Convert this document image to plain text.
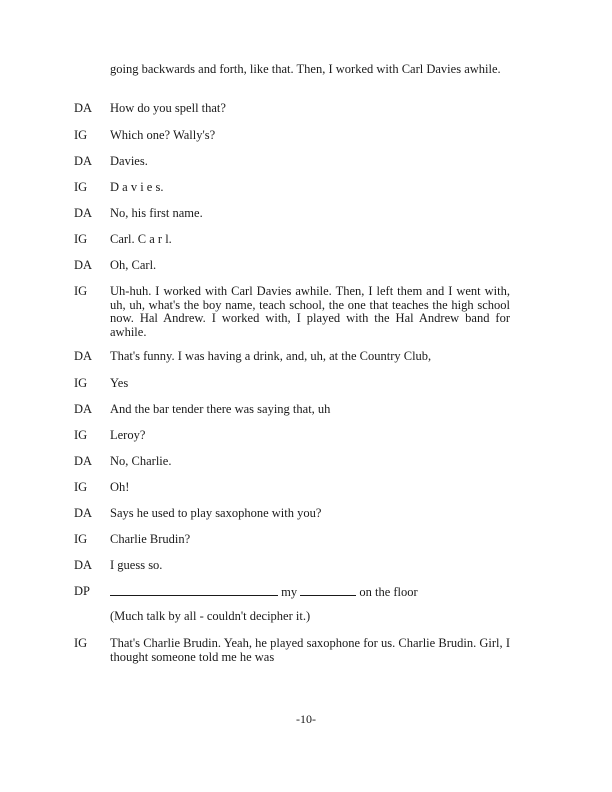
going backwards and forth, like that. Then, I worked with Carl Davies awhile.
DA How do you spell that?
IG Which one? Wally's?
DA Davies.
IG D a v i e s.
DA No, his first name.
IG Carl. C a r l.
DA Oh, Carl.
IG Uh-huh. I worked with Carl Davies awhile. Then, I left them and I went with, uh, uh, what's the boy name, teach school, the one that teaches the high school now. Hal Andrew. I worked with, I played with the Hal Andrew band for awhile.
DA That's funny. I was having a drink, and, uh, at the Country Club,
IG Yes
DA And the bar tender there was saying that, uh
IG Leroy?
DA No, Charlie.
IG Oh!
DA Says he used to play saxophone with you?
IG Charlie Brudin?
DA I guess so.
DP	my	on the floor
(Much talk by all - couldn't decipher it.)
IG That's Charlie Brudin. Yeah, he played saxophone for us. Charlie Brudin. Girl, I thought someone told me he was
-10-
